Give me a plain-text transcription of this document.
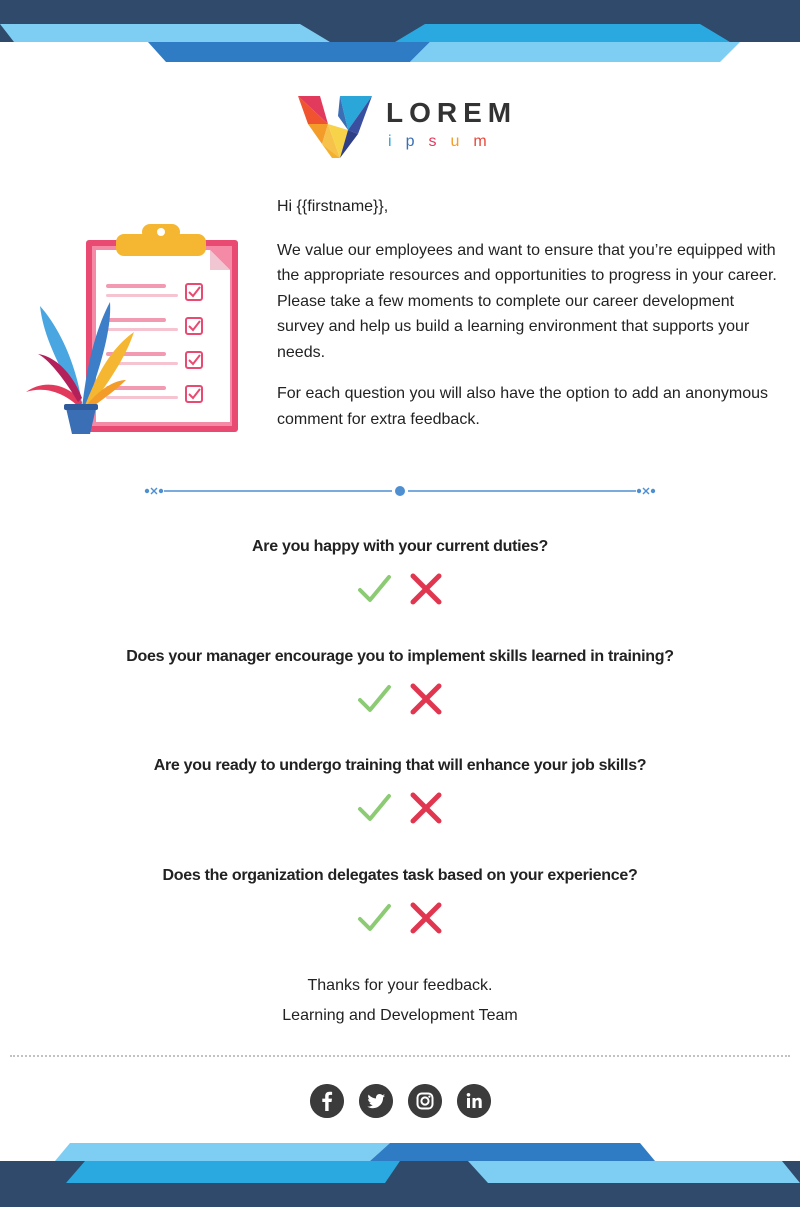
LOREM
ipsum

Hi {{firstname}},

We value our employees and want to ensure that you’re equipped with the appropriate resources and opportunities to progress in your career. Please take a few moments to complete our career development survey and help us build a learning environment that supports your needs.

For each question you will also have the option to add an anonymous comment for extra feedback.

Are you happy with your current duties?

Does your manager encourage you to implement skills learned in training?

Are you ready to undergo training that will enhance your job skills?

Does the organization delegates task based on your experience?

Thanks for your feedback.

Learning and Development Team
